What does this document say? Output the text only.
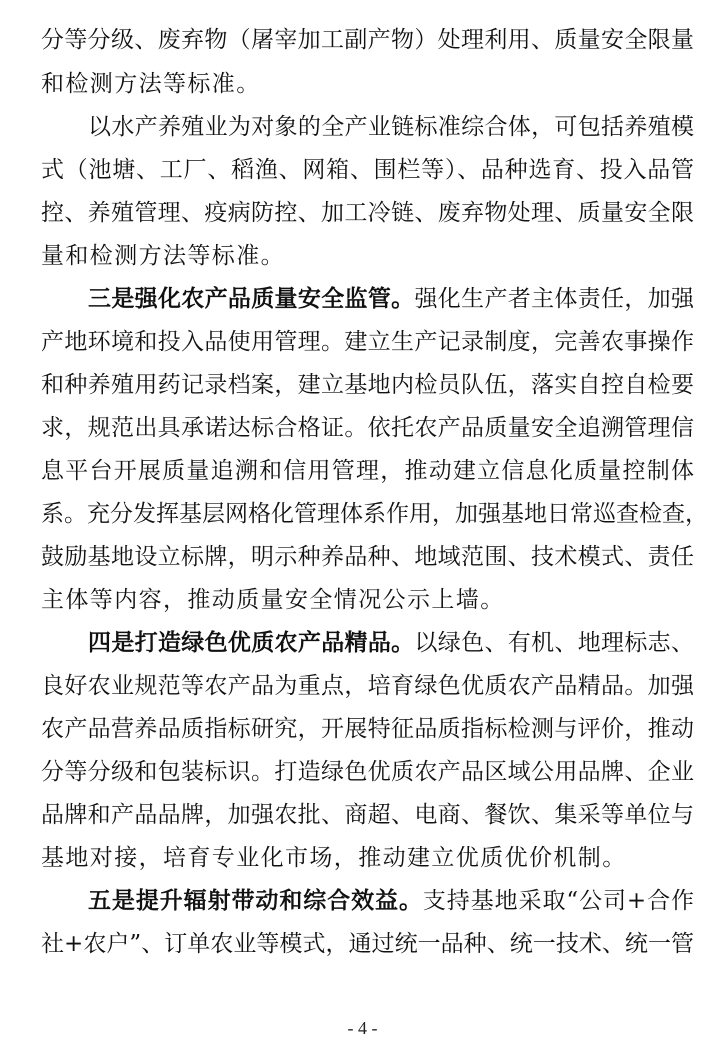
分等分级、废弃物（屠宰加工副产物）处理利用、质量安全限量
和检测方法等标准。
以水产养殖业为对象的全产业链标准综合体，可包括养殖模
式（池塘、工厂、稻渔、网箱、围栏等）、品种选育、投入品管
控、养殖管理、疫病防控、加工冷链、废弃物处理、质量安全限
量和检测方法等标准。
三是强化农产品质量安全监管。强化生产者主体责任，加强
产地环境和投入品使用管理。建立生产记录制度，完善农事操作
和种养殖用药记录档案，建立基地内检员队伍，落实自控自检要
求，规范出具承诺达标合格证。依托农产品质量安全追溯管理信
息平台开展质量追溯和信用管理，推动建立信息化质量控制体
系。充分发挥基层网格化管理体系作用，加强基地日常巡查检查，
鼓励基地设立标牌，明示种养品种、地域范围、技术模式、责任
主体等内容，推动质量安全情况公示上墙。
四是打造绿色优质农产品精品。以绿色、有机、地理标志、
良好农业规范等农产品为重点，培育绿色优质农产品精品。加强
农产品营养品质指标研究，开展特征品质指标检测与评价，推动
分等分级和包装标识。打造绿色优质农产品区域公用品牌、企业
品牌和产品品牌，加强农批、商超、电商、餐饮、集采等单位与
基地对接，培育专业化市场，推动建立优质优价机制。
五是提升辐射带动和综合效益。支持基地采取“公司+合作
社+农户”、订单农业等模式，通过统一品种、统一技术、统一管
- 4 -
